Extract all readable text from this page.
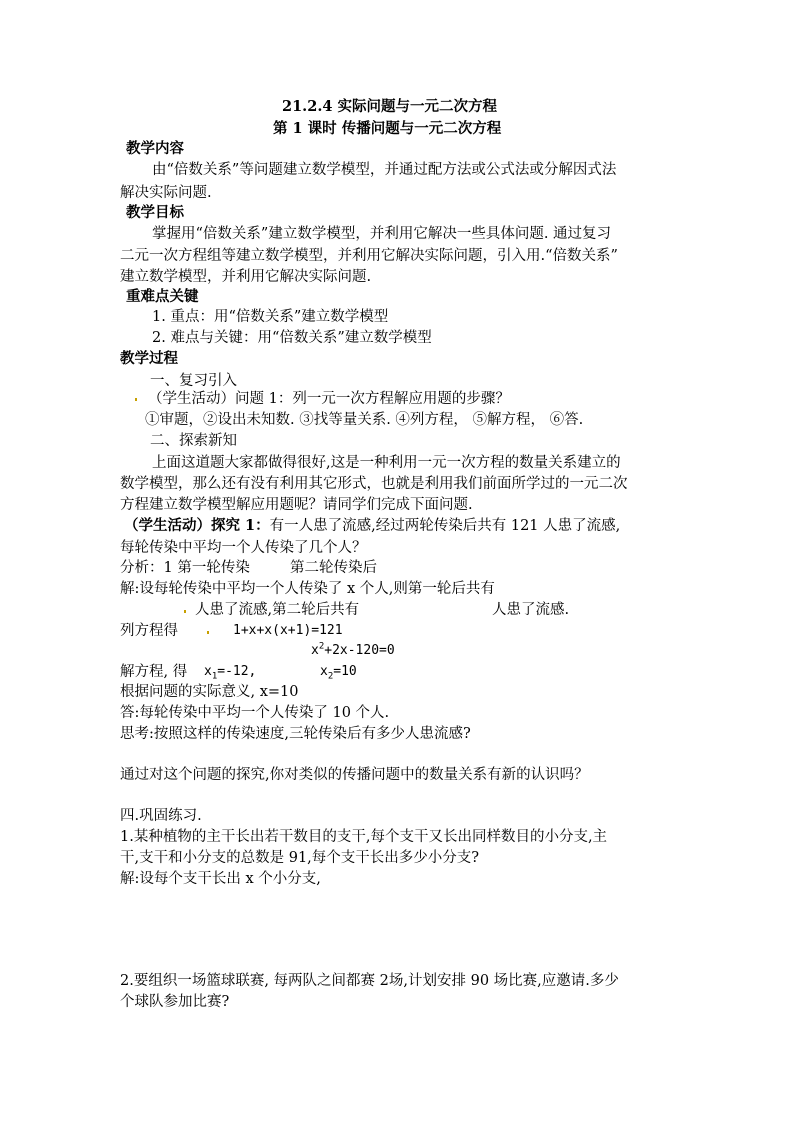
21.2.4 实际问题与一元二次方程
第 1 课时 传播问题与一元二次方程
教学内容
由“倍数关系”等问题建立数学模型，并通过配方法或公式法或分解因式法
解决实际问题.
教学目标
掌握用“倍数关系”建立数学模型，并利用它解决一些具体问题. 通过复习
二元一次方程组等建立数学模型，并利用它解决实际问题，引入用.“倍数关系”
建立数学模型，并利用它解决实际问题.
重难点关键
1. 重点：用“倍数关系”建立数学模型
2. 难点与关键：用“倍数关系”建立数学模型
教学过程
一、复习引入
（学生活动）问题 1：列一元一次方程解应用题的步骤？
①审题，②设出未知数. ③找等量关系. ④列方程， ⑤解方程， ⑥答.
二、探索新知
上面这道题大家都做得很好,这是一种利用一元一次方程的数量关系建立的
数学模型，那么还有没有利用其它形式，也就是利用我们前面所学过的一元二次
方程建立数学模型解应用题呢？请同学们完成下面问题.
（学生活动）探究 1：有一人患了流感,经过两轮传染后共有 121 人患了流感,
每轮传染中平均一个人传染了几个人？
分析：1 第一轮传染	第二轮传染后
解:设每轮传染中平均一个人传染了 x 个人,则第一轮后共有
人患了流感,第二轮后共有	人患了流感.
列方程得	1+x+x(x+1)=121
$x^2+2x-120=0$
解方程, 得 $x_1=-12$,	$x_2=10$
根据问题的实际意义, x=10
答:每轮传染中平均一个人传染了 10 个人.
思考:按照这样的传染速度,三轮传染后有多少人患流感?
通过对这个问题的探究,你对类似的传播问题中的数量关系有新的认识吗？
四.巩固练习.
1.某种植物的主干长出若干数目的支干,每个支干又长出同样数目的小分支,主
干,支干和小分支的总数是 91,每个支干长出多少小分支?
解:设每个支干长出 x 个小分支,
2.要组织一场篮球联赛, 每两队之间都赛 2场,计划安排 90 场比赛,应邀请.多少
个球队参加比赛?
